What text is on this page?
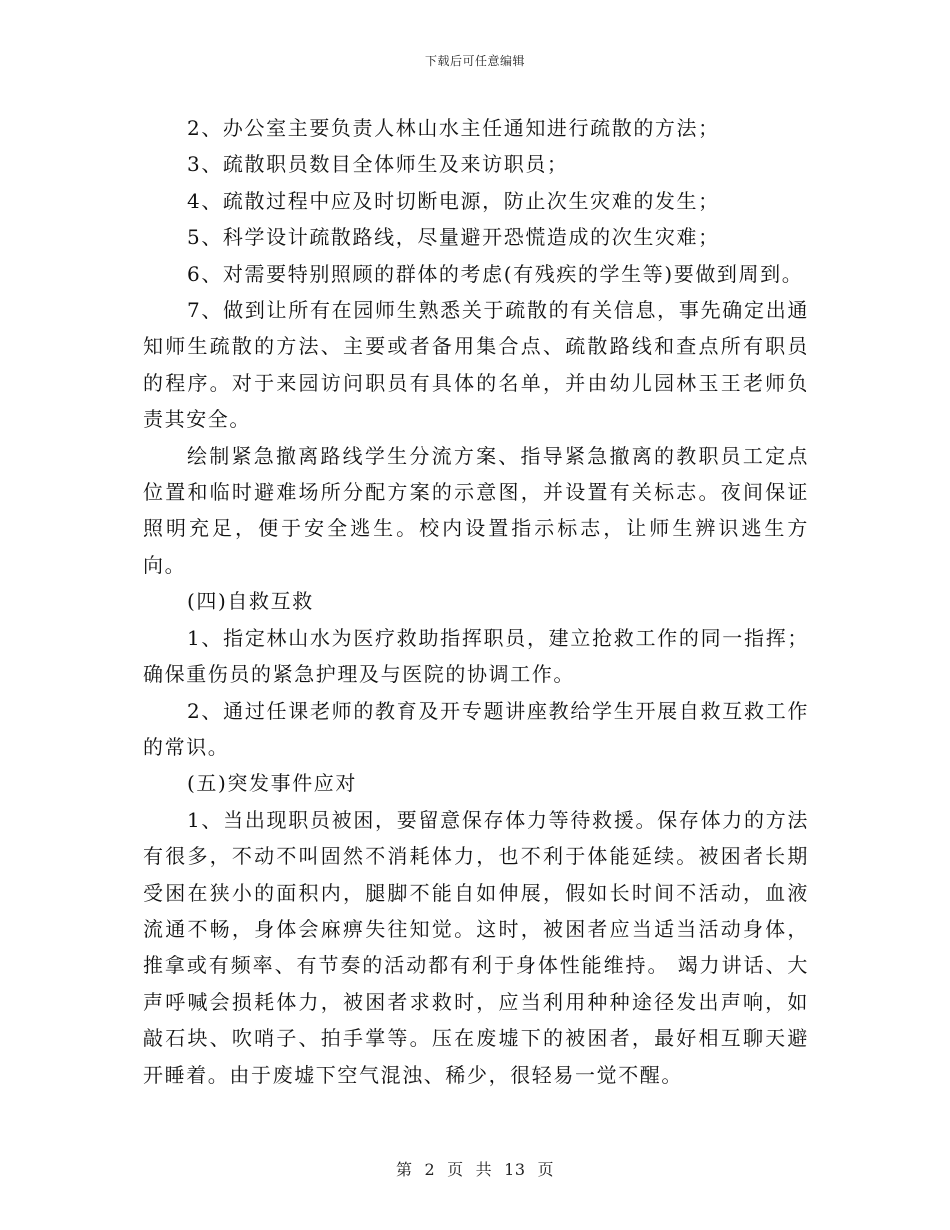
下载后可任意编辑

2、办公室主要负责人林山水主任通知进行疏散的方法；

3、疏散职员数目全体师生及来访职员；

4、疏散过程中应及时切断电源，防止次生灾难的发生；

5、科学设计疏散路线，尽量避开恐慌造成的次生灾难；

6、对需要特别照顾的群体的考虑(有残疾的学生等)要做到周到。

7、做到让所有在园师生熟悉关于疏散的有关信息，事先确定出通知师生疏散的方法、主要或者备用集合点、疏散路线和查点所有职员的程序。对于来园访问职员有具体的名单，并由幼儿园林玉王老师负责其安全。

绘制紧急撤离路线学生分流方案、指导紧急撤离的教职员工定点位置和临时避难场所分配方案的示意图，并设置有关标志。夜间保证照明充足，便于安全逃生。校内设置指示标志，让师生辨识逃生方向。

(四)自救互救

1、指定林山水为医疗救助指挥职员，建立抢救工作的同一指挥；确保重伤员的紧急护理及与医院的协调工作。

2、通过任课老师的教育及开专题讲座教给学生开展自救互救工作的常识。

(五)突发事件应对

1、当出现职员被困，要留意保存体力等待救援。保存体力的方法有很多，不动不叫固然不消耗体力，也不利于体能延续。被困者长期受困在狭小的面积内，腿脚不能自如伸展，假如长时间不活动，血液流通不畅，身体会麻痹失往知觉。这时，被困者应当适当活动身体，推拿或有频率、有节奏的活动都有利于身体性能维持。 竭力讲话、大声呼喊会损耗体力，被困者求救时，应当利用种种途径发出声响，如敲石块、吹哨子、拍手掌等。压在废墟下的被困者，最好相互聊天避开睡着。由于废墟下空气混浊、稀少，很轻易一觉不醒。

第 2 页 共 13 页
